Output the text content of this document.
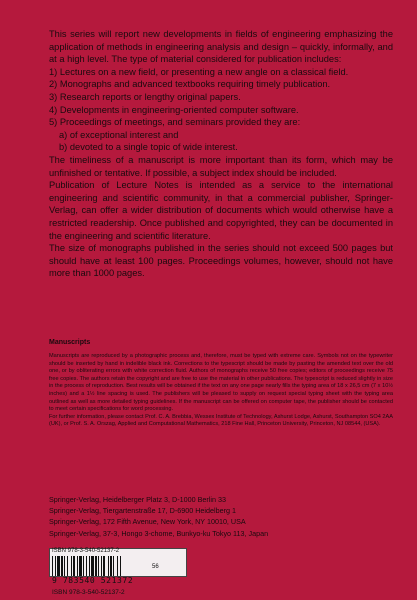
This series will report new developments in fields of engineering emphasizing the application of methods in engineering analysis and design – quickly, informally, and at a high level. The type of material considered for publication includes:

1) Lectures on a new field, or presenting a new angle on a classical field.

2) Monographs and advanced textbooks requiring timely publication.

3) Research reports or lengthy original papers.

4) Developments in engineering-oriented computer software.

5) Proceedings of meetings, and seminars provided they are:

a) of exceptional interest and

b) devoted to a single topic of wide interest.

The timeliness of a manuscript is more important than its form, which may be unfinished or tentative. If possible, a subject index should be included.

Publication of Lecture Notes is intended as a service to the international engineering and scientific community, in that a commercial publisher, Springer-Verlag, can offer a wider distribution of documents which would otherwise have a restricted readership. Once published and copyrighted, they can be documented in the engineering and scientific literature.

The size of monographs published in the series should not exceed 500 pages but should have at least 100 pages. Proceedings volumes, however, should not have more than 1000 pages.

Manuscripts

Manuscripts are reproduced by a photographic process and, therefore, must be typed with extreme care. Symbols not on the typewriter should be inserted by hand in indelible black ink. Corrections to the typescript should be made by pasting the amended text over the old one, or by obliterating errors with white correction fluid. Authors of monographs receive 50 free copies; editors of proceedings receive 75 free copies. The authors retain the copyright and are free to use the material in other publications. The typescript is reduced slightly in size in the process of reproduction. Best results will be obtained if the text on any one page nearly fills the typing area of 18 x 26,5 cm (7 x 10½ inches) and a 1½ line spacing is used. The publishers will be pleased to supply on request special typing sheet with the typing area outlined as well as more detailed typing guidelines. If the manuscript can be offered on computer tape, the publisher should be contacted to meet certain specifications for word processing.

For further information, please contact Prof. C. A. Brebbia, Wessex Institute of Technology, Ashurst Lodge, Ashurst, Southampton SO4 2AA (UK), or Prof. S. A. Orszag, Applied and Computational Mathematics, 218 Fine Hall, Princeton University, Princeton, NJ 08544, (USA).

Springer-Verlag, Heidelberger Platz 3, D-1000 Berlin 33
Springer-Verlag, Tiergartenstraße 17, D-6900 Heidelberg 1
Springer-Verlag, 172 Fifth Avenue, New York, NY 10010, USA
Springer-Verlag, 37-3, Hongo 3-chome, Bunkyo-ku Tokyo 113, Japan
ISBN 978-3-540-52137-2
56
9 783540 521372
ISBN 978-3-540-52137-2
